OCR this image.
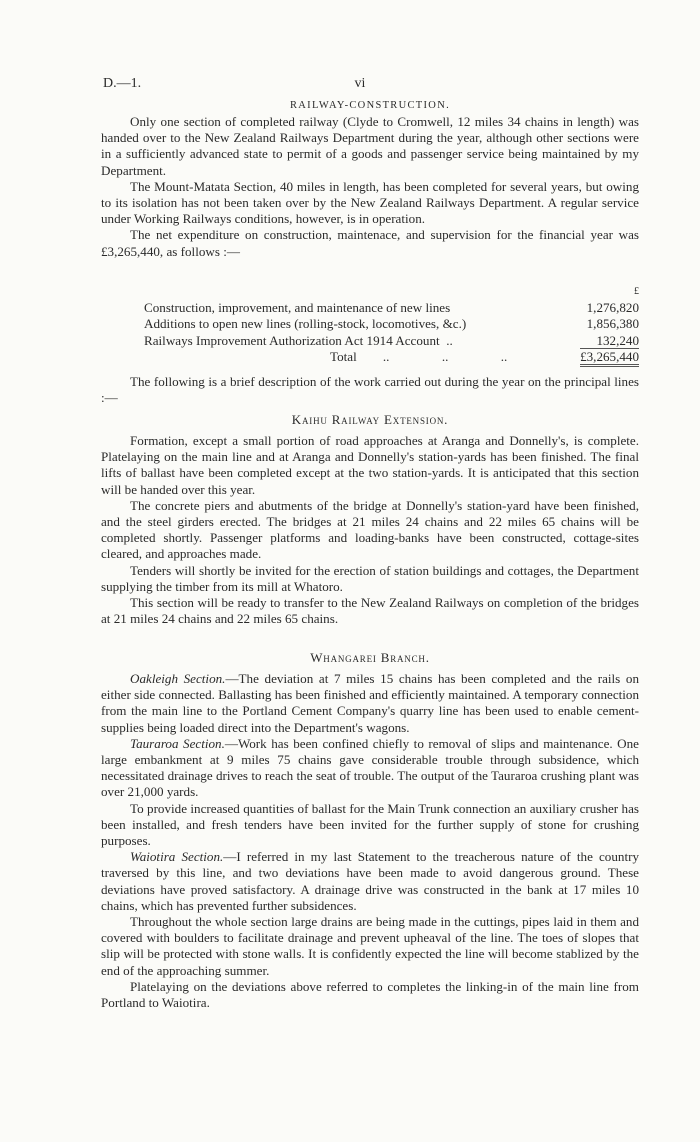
D.—1.	vi
RAILWAY-CONSTRUCTION.

Only one section of completed railway (Clyde to Cromwell, 12 miles 34 chains in length) was handed over to the New Zealand Railways Department during the year, although other sections were in a sufficiently advanced state to permit of a goods and passenger service being maintained by my Department.

The Mount-Matata Section, 40 miles in length, has been completed for several years, but owing to its isolation has not been taken over by the New Zealand Railways Department. A regular service under Working Railways conditions, however, is in operation.

The net expenditure on construction, maintenace, and supervision for the financial year was £3,265,440, as follows :—

	£
Construction, improvement, and maintenance of new lines	1,276,820
Additions to open new lines (rolling-stock, locomotives, &c.)	1,856,380
Railways Improvement Authorization Act 1914 Account ..	132,240
Total ..                ..                ..	£3,265,440

The following is a brief description of the work carried out during the year on the principal lines :—

Kaihu Railway Extension.

Formation, except a small portion of road approaches at Aranga and Donnelly's, is complete. Platelaying on the main line and at Aranga and Donnelly's station-yards has been finished. The final lifts of ballast have been completed except at the two station-yards. It is anticipated that this section will be handed over this year.

The concrete piers and abutments of the bridge at Donnelly's station-yard have been finished, and the steel girders erected. The bridges at 21 miles 24 chains and 22 miles 65 chains will be completed shortly. Passenger platforms and loading-banks have been constructed, cottage-sites cleared, and approaches made.

Tenders will shortly be invited for the erection of station buildings and cottages, the Department supplying the timber from its mill at Whatoro.

This section will be ready to transfer to the New Zealand Railways on completion of the bridges at 21 miles 24 chains and 22 miles 65 chains.

Whangarei Branch.

Oakleigh Section.—The deviation at 7 miles 15 chains has been completed and the rails on either side connected. Ballasting has been finished and efficiently maintained. A temporary connection from the main line to the Portland Cement Company's quarry line has been used to enable cement-supplies being loaded direct into the Department's wagons.

Tauraroa Section.—Work has been confined chiefly to removal of slips and maintenance. One large embankment at 9 miles 75 chains gave considerable trouble through subsidence, which necessitated drainage drives to reach the seat of trouble. The output of the Tauraroa crushing plant was over 21,000 yards.

To provide increased quantities of ballast for the Main Trunk connection an auxiliary crusher has been installed, and fresh tenders have been invited for the further supply of stone for crushing purposes.

Waiotira Section.—I referred in my last Statement to the treacherous nature of the country traversed by this line, and two deviations have been made to avoid dangerous ground. These deviations have proved satisfactory. A drainage drive was constructed in the bank at 17 miles 10 chains, which has prevented further subsidences.

Throughout the whole section large drains are being made in the cuttings, pipes laid in them and covered with boulders to facilitate drainage and prevent upheaval of the line. The toes of slopes that slip will be protected with stone walls. It is confidently expected the line will become stablized by the end of the approaching summer.

Platelaying on the deviations above referred to completes the linking-in of the main line from Portland to Waiotira.
